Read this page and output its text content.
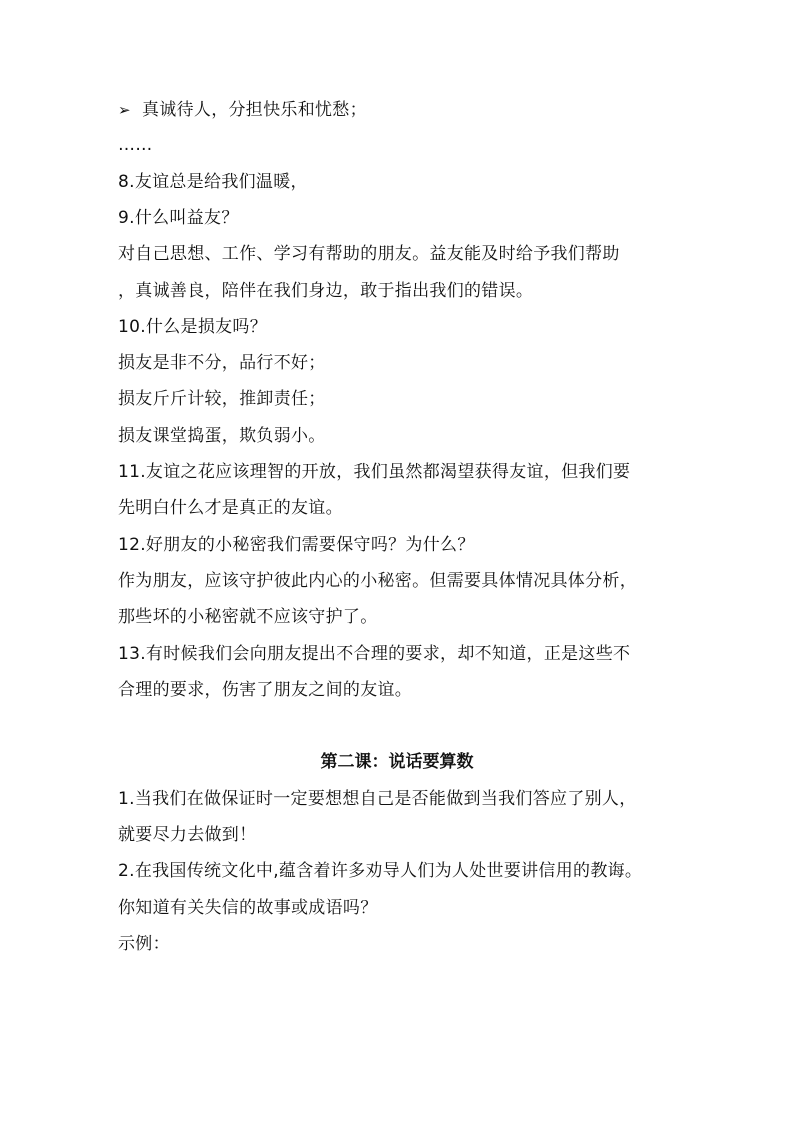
➢ 真诚待人，分担快乐和忧愁；
……
8.友谊总是给我们温暖，
9.什么叫益友？
对自己思想、工作、学习有帮助的朋友。益友能及时给予我们帮助
，真诚善良，陪伴在我们身边，敢于指出我们的错误。
10.什么是损友吗？
损友是非不分，品行不好；
损友斤斤计较，推卸责任；
损友课堂捣蛋，欺负弱小。
11.友谊之花应该理智的开放，我们虽然都渴望获得友谊，但我们要
先明白什么才是真正的友谊。
12.好朋友的小秘密我们需要保守吗？为什么？
作为朋友，应该守护彼此内心的小秘密。但需要具体情况具体分析，
那些坏的小秘密就不应该守护了。
13.有时候我们会向朋友提出不合理的要求，却不知道，正是这些不
合理的要求，伤害了朋友之间的友谊。
第二课：说话要算数
1.当我们在做保证时一定要想想自己是否能做到当我们答应了别人，
就要尽力去做到！
2.在我国传统文化中,蕴含着许多劝导人们为人处世要讲信用的教诲。
你知道有关失信的故事或成语吗？
示例：
